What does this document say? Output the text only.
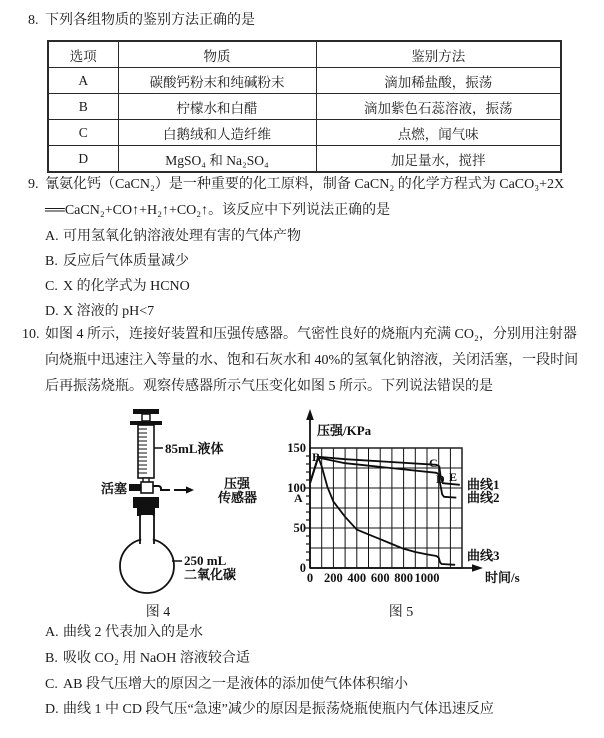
8. 下列各组物质的鉴别方法正确的是
选项	物质	鉴别方法
A	碳酸钙粉末和纯碱粉末	滴加稀盐酸，振荡
B	柠檬水和白醋	滴加紫色石蕊溶液，振荡
C	白鹅绒和人造纤维	点燃，闻气味
D	MgSO₄ 和 Na₂SO₄	加足量水，搅拌
9. 氰氨化钙（CaCN₂）是一种重要的化工原料，制备 CaCN₂ 的化学方程式为 CaCO₃+2X
══CaCN₂+CO↑+H₂↑+CO₂↑。该反应中下列说法正确的是
A. 可用氢氧化钠溶液处理有害的气体产物
B. 反应后气体质量减少
C. X 的化学式为 HCNO
D. X 溶液的 pH<7
10. 如图 4 所示，连接好装置和压强传感器。气密性良好的烧瓶内充满 CO₂，分别用注射器
向烧瓶中迅速注入等量的水、饱和石灰水和 40%的氢氧化钠溶液，关闭活塞，一段时间
后再振荡烧瓶。观察传感器所示气压变化如图 5 所示。下列说法错误的是
85mL液体
活塞	压强
传感器
250 mL
二氧化碳
压强/KPa
时间/s
150
100
50
0
0 200 400 600 800 1000
A
B	C
D E 曲线1
曲线2
曲线3
图 4	图 5
A. 曲线 2 代表加入的是水
B. 吸收 CO₂ 用 NaOH 溶液较合适
C. AB 段气压增大的原因之一是液体的添加使气体体积缩小
D. 曲线 1 中 CD 段气压“急速”减少的原因是振荡烧瓶使瓶内气体迅速反应
